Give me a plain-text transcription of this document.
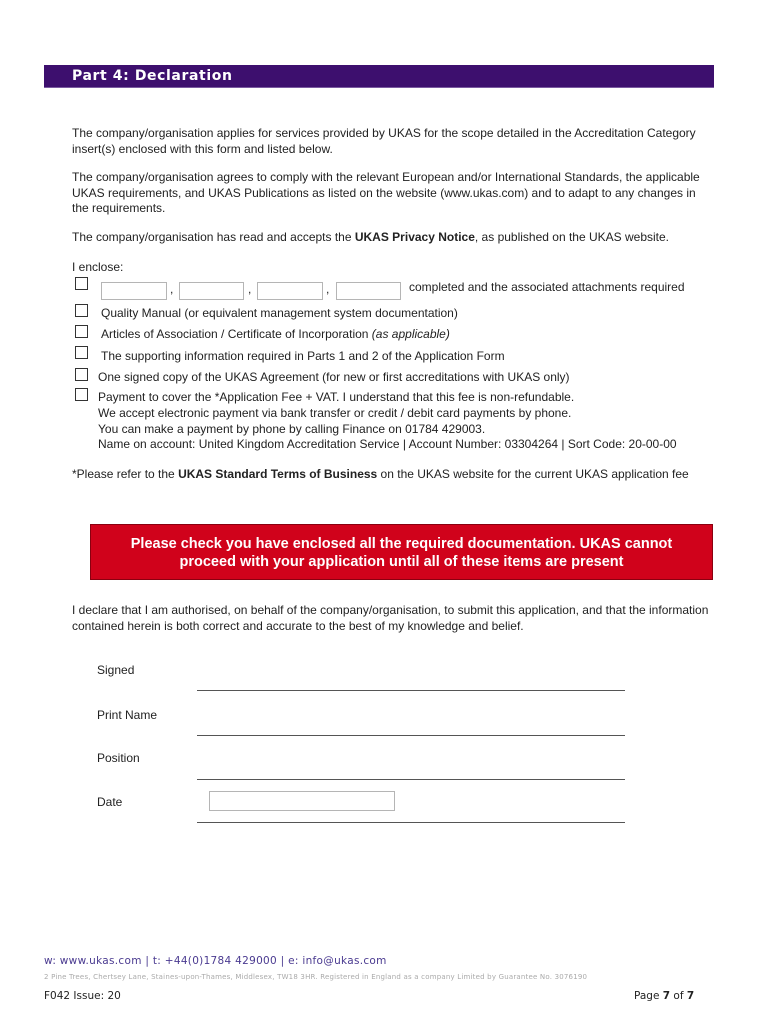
Part 4: Declaration
The company/organisation applies for services provided by UKAS for the scope detailed in the Accreditation Category insert(s) enclosed with this form and listed below.
The company/organisation agrees to comply with the relevant European and/or International Standards, the applicable UKAS requirements, and UKAS Publications as listed on the website (www.ukas.com) and to adapt to any changes in the requirements.
The company/organisation has read and accepts the UKAS Privacy Notice, as published on the UKAS website.
I enclose:
,	,	,	completed and the associated attachments required
Quality Manual (or equivalent management system documentation)
Articles of Association / Certificate of Incorporation (as applicable)
The supporting information required in Parts 1 and 2 of the Application Form
One signed copy of the UKAS Agreement (for new or first accreditations with UKAS only)
Payment to cover the *Application Fee + VAT. I understand that this fee is non-refundable.
We accept electronic payment via bank transfer or credit / debit card payments by phone.
You can make a payment by phone by calling Finance on 01784 429003.
Name on account: United Kingdom Accreditation Service | Account Number: 03304264 | Sort Code: 20-00-00
*Please refer to the UKAS Standard Terms of Business on the UKAS website for the current UKAS application fee
Please check you have enclosed all the required documentation. UKAS cannot
proceed with your application until all of these items are present
I declare that I am authorised, on behalf of the company/organisation, to submit this application, and that the information contained herein is both correct and accurate to the best of my knowledge and belief.
Signed
Print Name
Position
Date
w: www.ukas.com | t: +44(0)1784 429000 | e: info@ukas.com
2 Pine Trees, Chertsey Lane, Staines-upon-Thames, Middlesex, TW18 3HR. Registered in England as a company Limited by Guarantee No. 3076190
F042 Issue: 20	Page 7 of 7
